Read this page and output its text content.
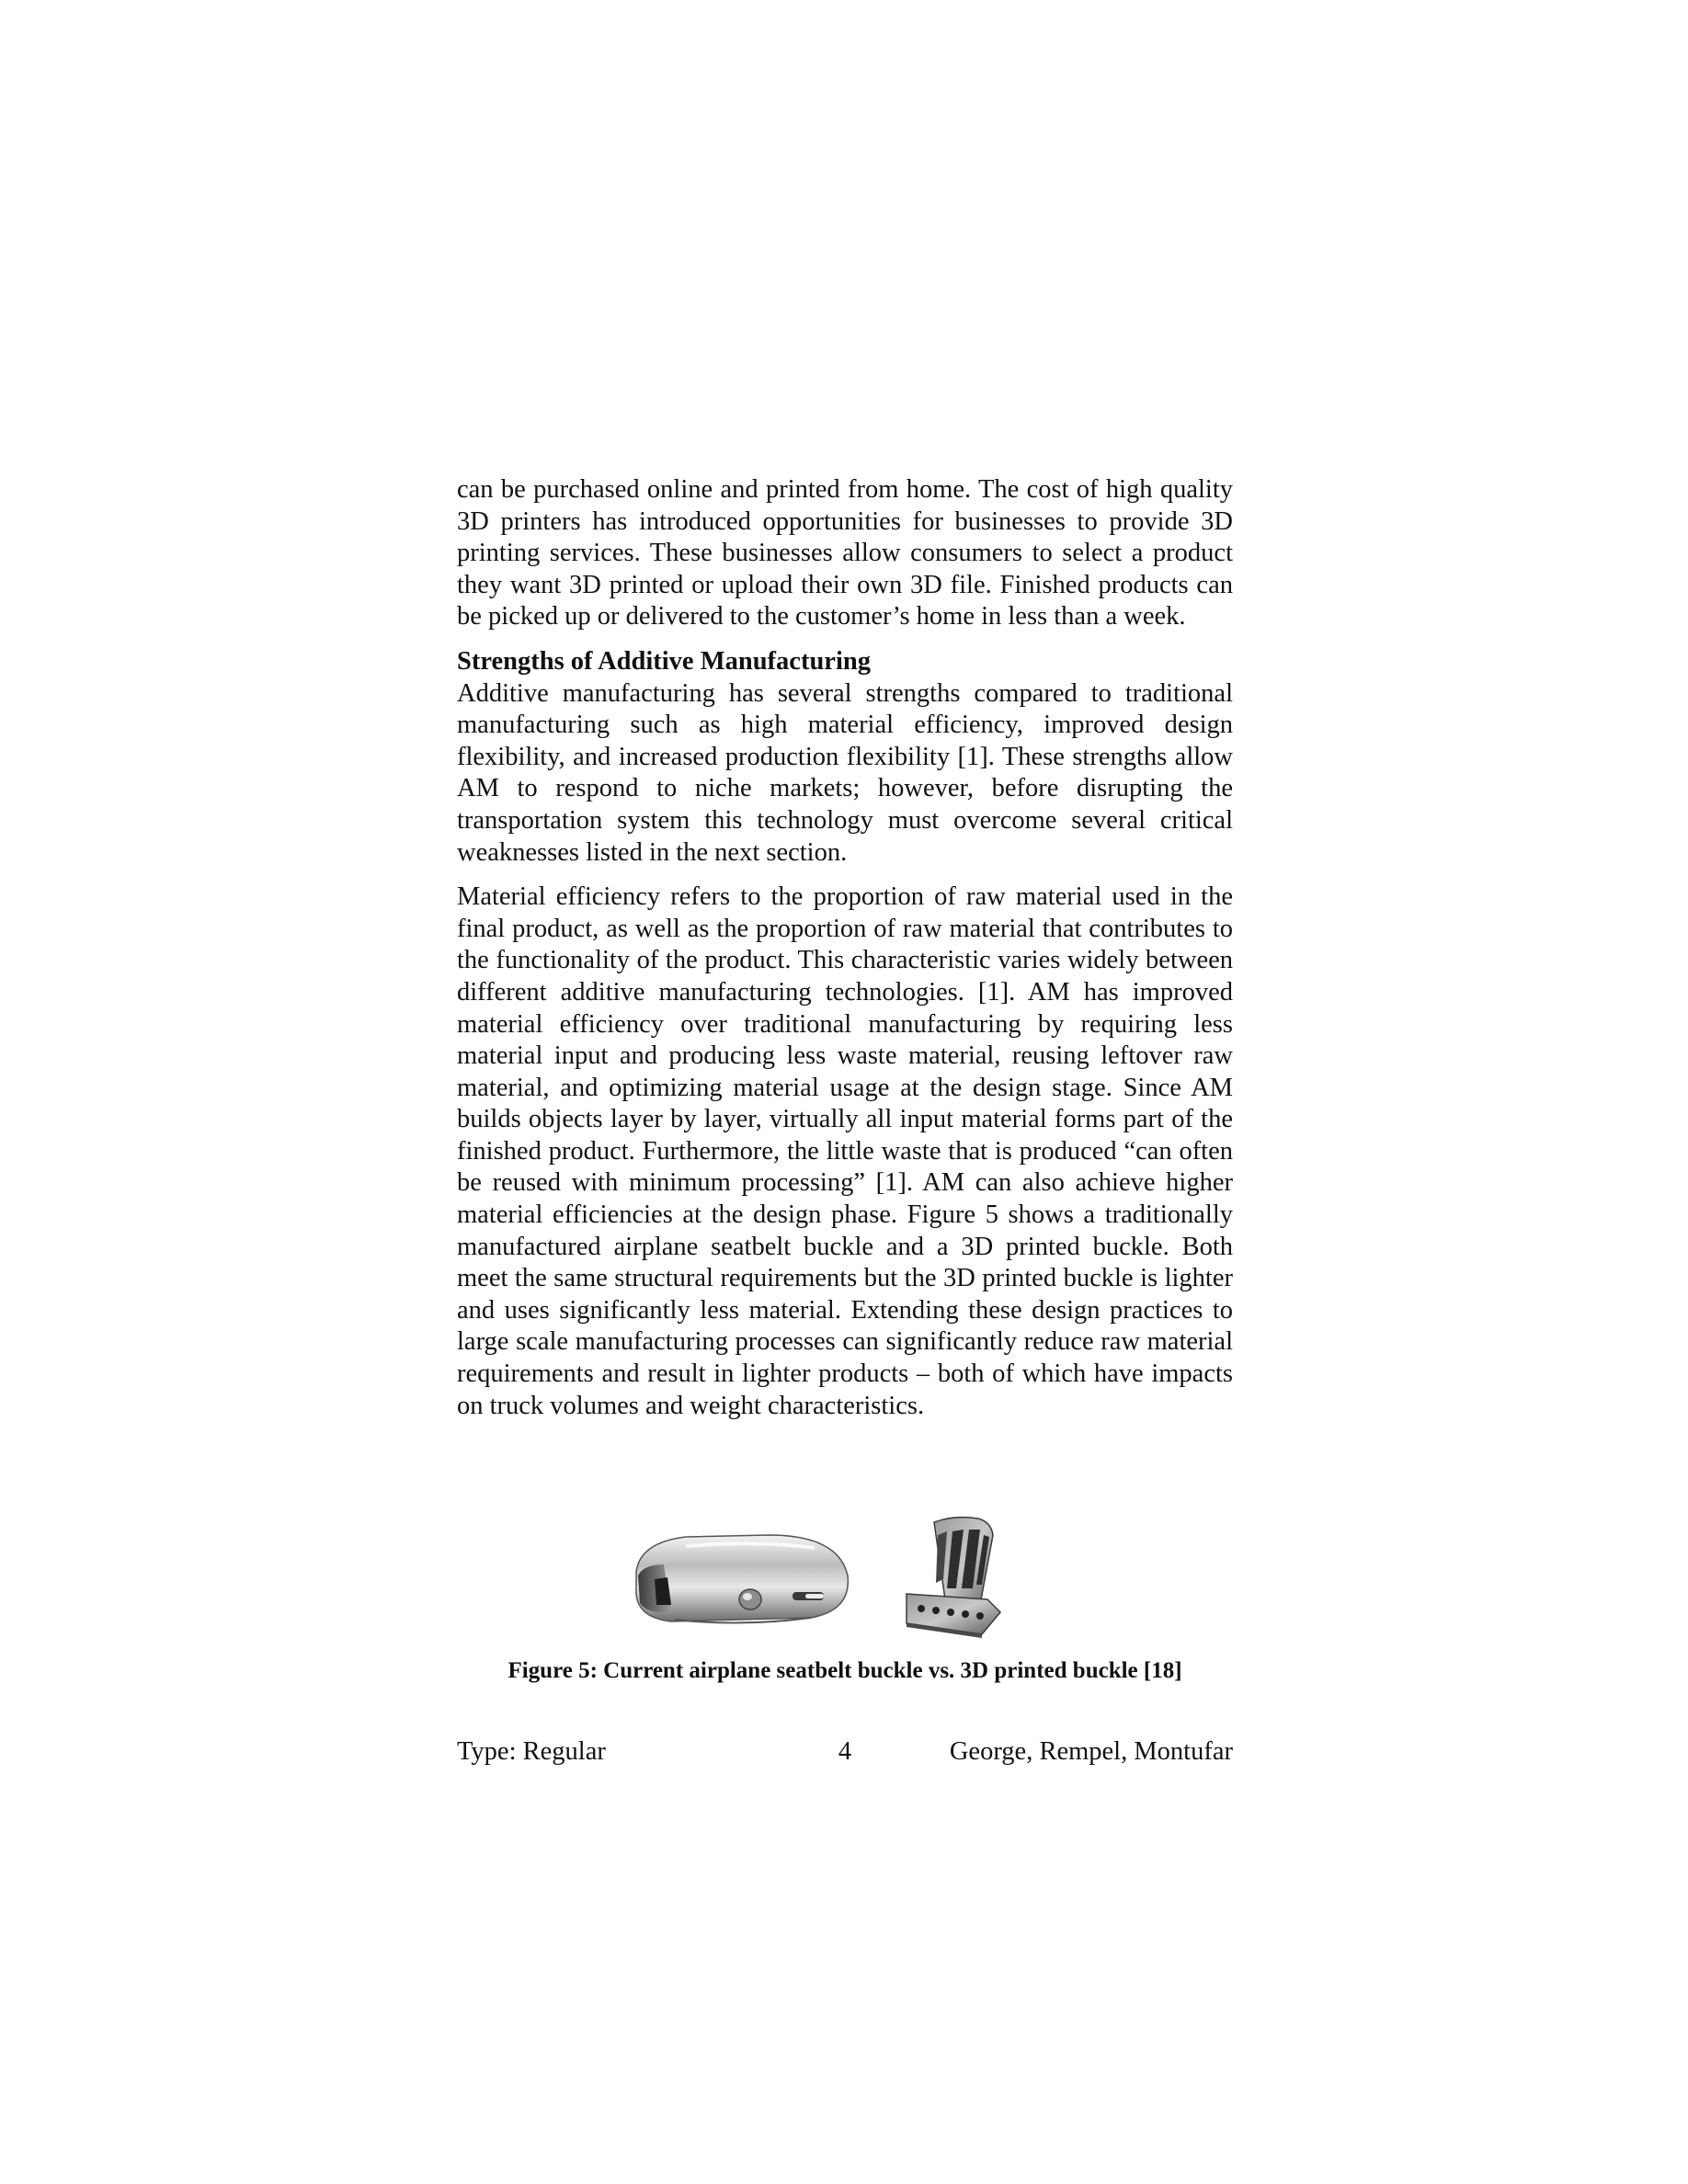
can be purchased online and printed from home. The cost of high quality 3D printers has introduced opportunities for businesses to provide 3D printing services. These businesses allow consumers to select a product they want 3D printed or upload their own 3D file. Finished products can be picked up or delivered to the customer’s home in less than a week.

Strengths of Additive Manufacturing

Additive manufacturing has several strengths compared to traditional manufacturing such as high material efficiency, improved design flexibility, and increased production flexibility [1]. These strengths allow AM to respond to niche markets; however, before disrupting the transportation system this technology must overcome several critical weaknesses listed in the next section.

Material efficiency refers to the proportion of raw material used in the final product, as well as the proportion of raw material that contributes to the functionality of the product. This characteristic varies widely between different additive manufacturing technologies. [1]. AM has improved material efficiency over traditional manufacturing by requiring less material input and producing less waste material, reusing leftover raw material, and optimizing material usage at the design stage. Since AM builds objects layer by layer, virtually all input material forms part of the finished product. Furthermore, the little waste that is produced “can often be reused with minimum processing” [1]. AM can also achieve higher material efficiencies at the design phase. Figure 5 shows a traditionally manufactured airplane seatbelt buckle and a 3D printed buckle. Both meet the same structural requirements but the 3D printed buckle is lighter and uses significantly less material. Extending these design practices to large scale manufacturing processes can significantly reduce raw material requirements and result in lighter products – both of which have impacts on truck volumes and weight characteristics.

Figure 5: Current airplane seatbelt buckle vs. 3D printed buckle [18]

Type: Regular	4	George, Rempel, Montufar
